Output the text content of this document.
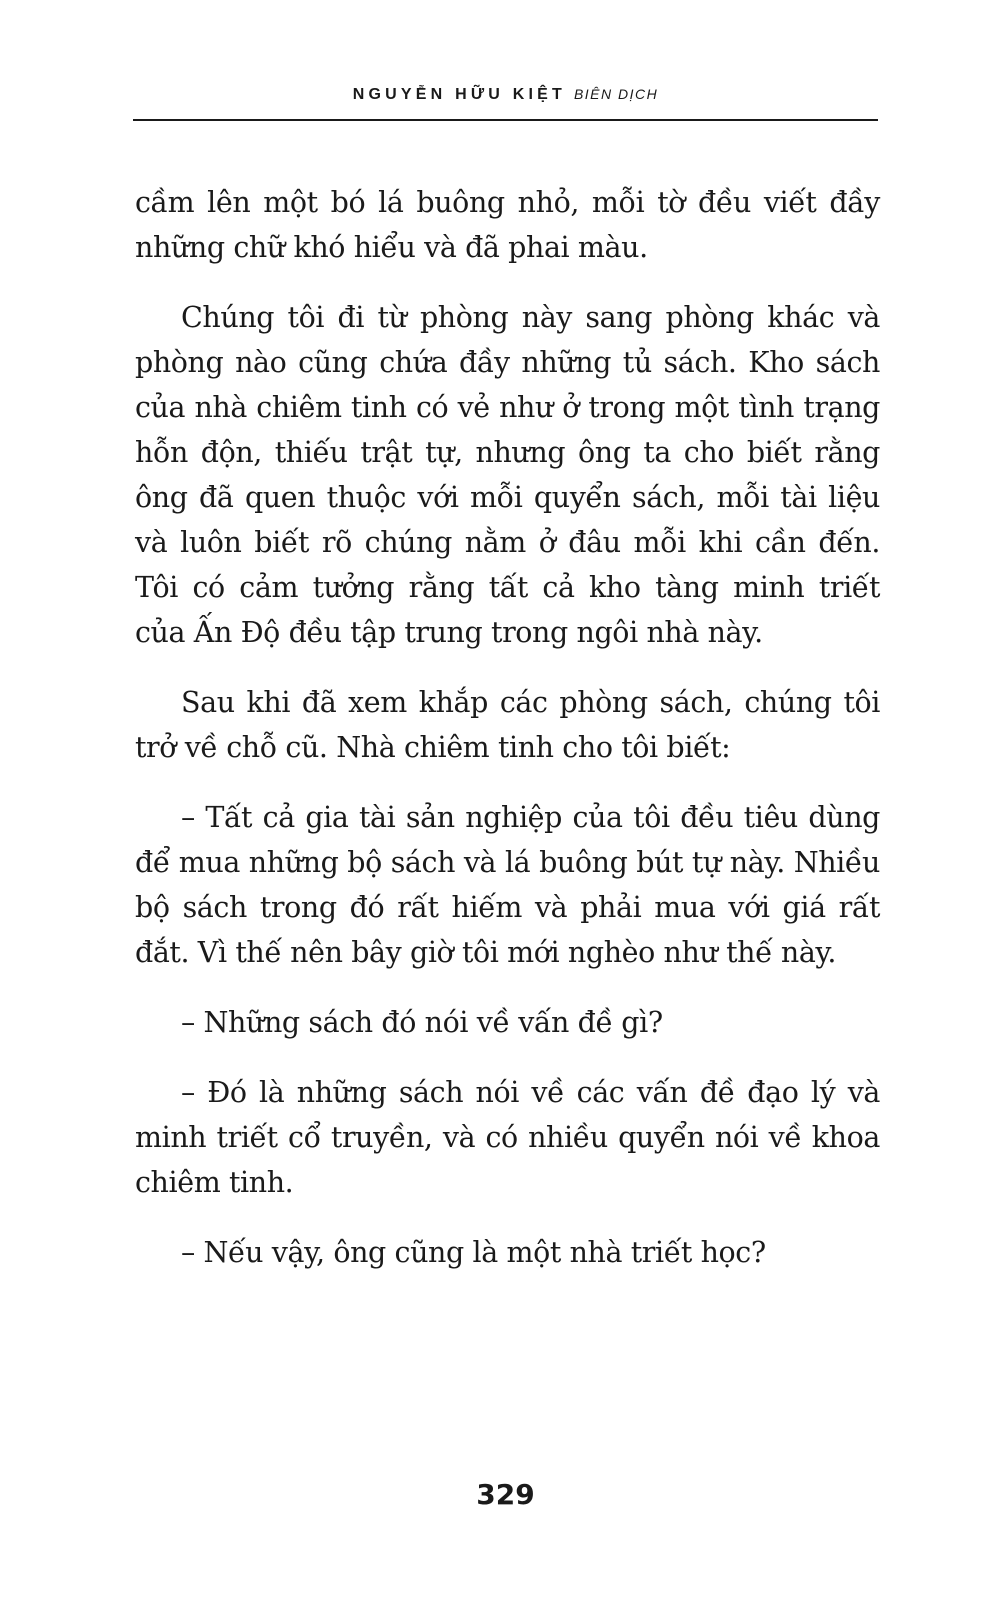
NGUYỄN HỮU KIỆT BIÊN DỊCH

cầm lên một bó lá buông nhỏ, mỗi tờ đều viết đầy những chữ khó hiểu và đã phai màu.

Chúng tôi đi từ phòng này sang phòng khác và phòng nào cũng chứa đầy những tủ sách. Kho sách của nhà chiêm tinh có vẻ như ở trong một tình trạng hỗn độn, thiếu trật tự, nhưng ông ta cho biết rằng ông đã quen thuộc với mỗi quyển sách, mỗi tài liệu và luôn biết rõ chúng nằm ở đâu mỗi khi cần đến. Tôi có cảm tưởng rằng tất cả kho tàng minh triết của Ấn Độ đều tập trung trong ngôi nhà này.

Sau khi đã xem khắp các phòng sách, chúng tôi trở về chỗ cũ. Nhà chiêm tinh cho tôi biết:

– Tất cả gia tài sản nghiệp của tôi đều tiêu dùng để mua những bộ sách và lá buông bút tự này. Nhiều bộ sách trong đó rất hiếm và phải mua với giá rất đắt. Vì thế nên bây giờ tôi mới nghèo như thế này.

– Những sách đó nói về vấn đề gì?

– Đó là những sách nói về các vấn đề đạo lý và minh triết cổ truyền, và có nhiều quyển nói về khoa chiêm tinh.

– Nếu vậy, ông cũng là một nhà triết học?

329
